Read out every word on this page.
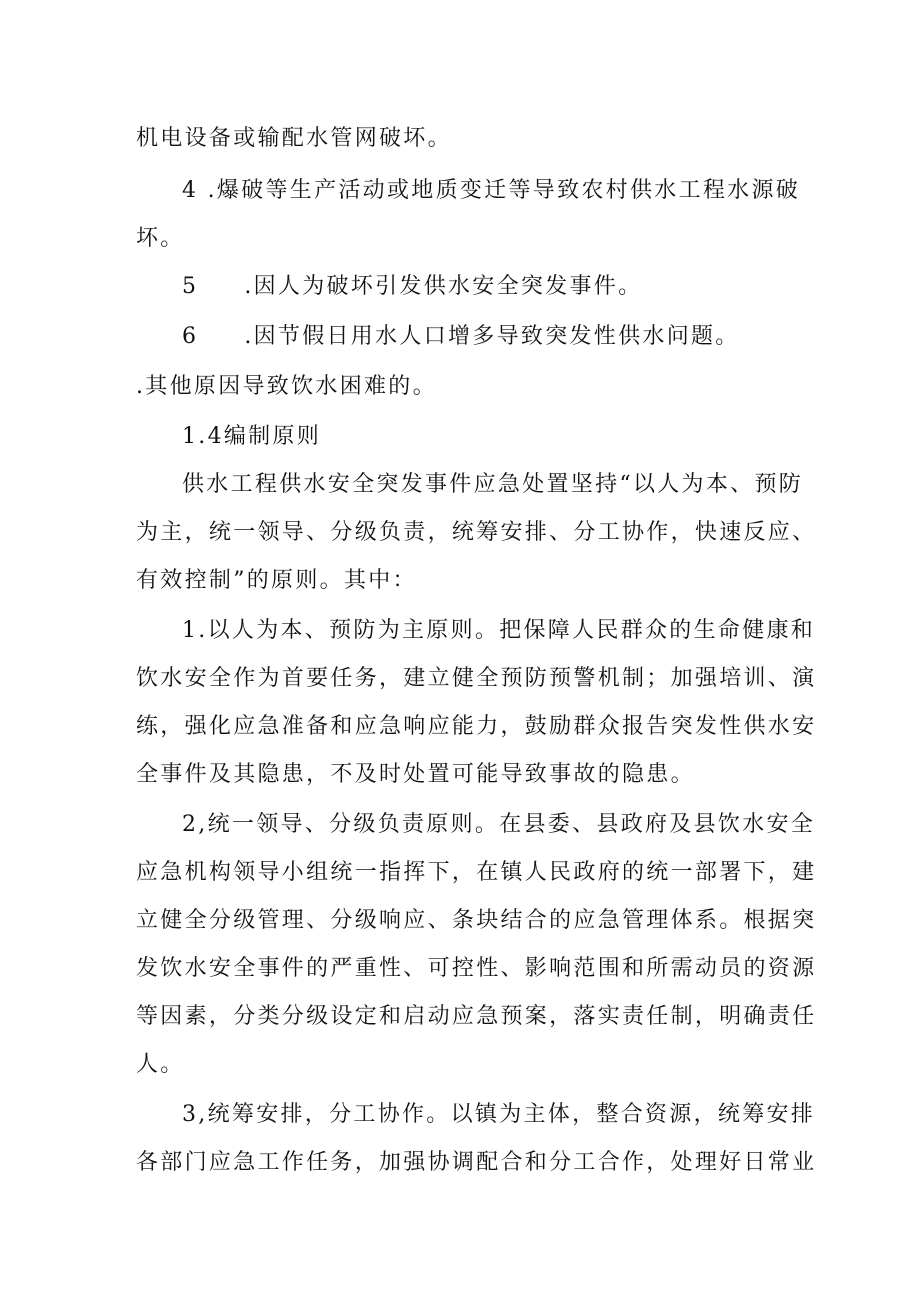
机电设备或输配水管网破坏。
4 .爆破等生产活动或地质变迁等导致农村供水工程水源破
坏。
5 .因人为破坏引发供水安全突发事件。
6 .因节假日用水人口增多导致突发性供水问题。
.其他原因导致饮水困难的。
1.4编制原则
供水工程供水安全突发事件应急处置坚持“以人为本、预防
为主，统一领导、分级负责，统筹安排、分工协作，快速反应、
有效控制”的原则。其中：
1.以人为本、预防为主原则。把保障人民群众的生命健康和
饮水安全作为首要任务，建立健全预防预警机制；加强培训、演
练，强化应急准备和应急响应能力，鼓励群众报告突发性供水安
全事件及其隐患，不及时处置可能导致事故的隐患。
2,统一领导、分级负责原则。在县委、县政府及县饮水安全
应急机构领导小组统一指挥下，在镇人民政府的统一部署下，建
立健全分级管理、分级响应、条块结合的应急管理体系。根据突
发饮水安全事件的严重性、可控性、影响范围和所需动员的资源
等因素，分类分级设定和启动应急预案，落实责任制，明确责任
人。
3,统筹安排，分工协作。以镇为主体，整合资源，统筹安排
各部门应急工作任务，加强协调配合和分工合作，处理好日常业
